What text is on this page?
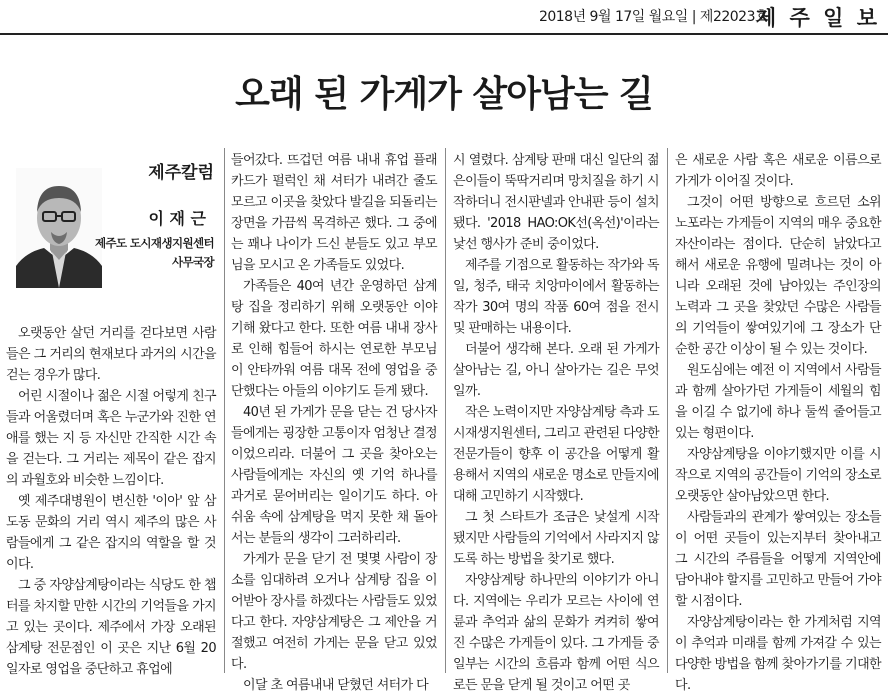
2018년 9월 17일 월요일 | 제22023호
제 주 일 보
오래 된 가게가 살아남는 길
제주칼럼
이 재 근
제주도 도시재생지원센터
사무국장

오랫동안 살던 거리를 걷다보면 사람들은 그 거리의 현재보다 과거의 시간을 걷는 경우가 많다.

어린 시절이나 젊은 시절 어렇게 친구들과 어울렸더며 혹은 누군가와 진한 연애를 했는 지 등 자신만 간직한 시간 속을 걷는다. 그 거리는 제목이 같은 잡지의 과월호와 비슷한 느낌이다.

옛 제주대병원이 변신한 '이아' 앞 삼도동 문화의 거리 역시 제주의 많은 사람들에게 그 같은 잡지의 역할을 할 것이다.

그 중 자양삼계탕이라는 식당도 한 챕터를 차지할 만한 시간의 기억들을 가지고 있는 곳이다. 제주에서 가장 오래된 삼계탕 전문점인 이 곳은 지난 6월 20일자로 영업을 중단하고 휴업에

들어갔다. 뜨겁던 여름 내내 휴업 플래카드가 펄럭인 채 셔터가 내려간 줄도 모르고 이곳을 찾았다 발길을 되돌리는 장면을 가끔씩 목격하곤 했다. 그 중에는 꽤나 나이가 드신 분들도 있고 부모님을 모시고 온 가족들도 있었다.

가족들은 40여 년간 운영하던 삼계탕 집을 정리하기 위해 오랫동안 이야기해 왔다고 한다. 또한 여름 내내 장사로 인해 힘들어 하시는 연로한 부모님이 안타까워 여름 대목 전에 영업을 중단했다는 아들의 이야기도 듣게 됐다.

40년 된 가게가 문을 닫는 건 당사자들에게는 굉장한 고통이자 엄청난 결정이었으리라. 더불어 그 곳을 찾아오는 사람들에게는 자신의 옛 기억 하나를 과거로 묻어버리는 일이기도 하다. 아쉬움 속에 삼계탕을 먹지 못한 채 돌아서는 분들의 생각이 그러하리라.

가게가 문을 닫기 전 몇몇 사람이 장소를 임대하려 오거나 삼계탕 집을 이어받아 장사를 하겠다는 사람들도 있었다고 한다. 자양삼계탕은 그 제안을 거절했고 여전히 가게는 문을 닫고 있었다.

이달 초 여름내내 닫혔던 셔터가 다

시 열렸다. 삼계탕 판매 대신 일단의 젊은이들이 뚝딱거리며 망치질을 하기 시작하더니 전시판넬과 안내판 등이 설치됐다. '2018 HAO:OK선(옥선)'이라는 낯선 행사가 준비 중이었다.

제주를 기점으로 활동하는 작가와 독일, 청주, 태국 치앙마이에서 활동하는 작가 30여 명의 작품 60여 점을 전시 및 판매하는 내용이다.

더불어 생각해 본다. 오래 된 가게가 살아남는 길, 아니 살아가는 길은 무엇일까.

작은 노력이지만 자양삼계탕 측과 도시재생지원센터, 그리고 관련된 다양한 전문가들이 향후 이 공간을 어떻게 활용해서 지역의 새로운 명소로 만들지에 대해 고민하기 시작했다.

그 첫 스타트가 조금은 낯설게 시작됐지만 사람들의 기억에서 사라지지 않도록 하는 방법을 찾기로 했다.

자양삼계탕 하나만의 이야기가 아니다. 지역에는 우리가 모르는 사이에 연륜과 추억과 삶의 문화가 켜켜히 쌓여진 수많은 가게들이 있다. 그 가게들 중 일부는 시간의 흐름과 함께 어떤 식으로든 문을 닫게 될 것이고 어떤 곳

은 새로운 사람 혹은 새로운 이름으로 가게가 이어질 것이다.

그것이 어떤 방향으로 흐르던 소위 노포라는 가게들이 지역의 매우 중요한 자산이라는 점이다. 단순히 낡았다고 해서 새로운 유행에 밀려나는 것이 아니라 오래된 것에 남아있는 주인장의 노력과 그 곳을 찾았던 수많은 사람들의 기억들이 쌓여있기에 그 장소가 단순한 공간 이상이 될 수 있는 것이다.

원도심에는 예전 이 지역에서 사람들과 함께 살아가던 가게들이 세월의 힘을 이길 수 없기에 하나 둘씩 줄어들고 있는 형편이다.

자양삼계탕을 이야기했지만 이를 시작으로 지역의 공간들이 기억의 장소로 오랫동안 살아남았으면 한다.

사람들과의 관계가 쌓여있는 장소들이 어떤 곳들이 있는지부터 찾아내고 그 시간의 주름들을 어떻게 지역안에 담아내야 할지를 고민하고 만들어 가야할 시점이다.

자양삼계탕이라는 한 가게처럼 지역이 추억과 미래를 함께 가져갈 수 있는 다양한 방법을 함께 찾아가기를 기대한다.
